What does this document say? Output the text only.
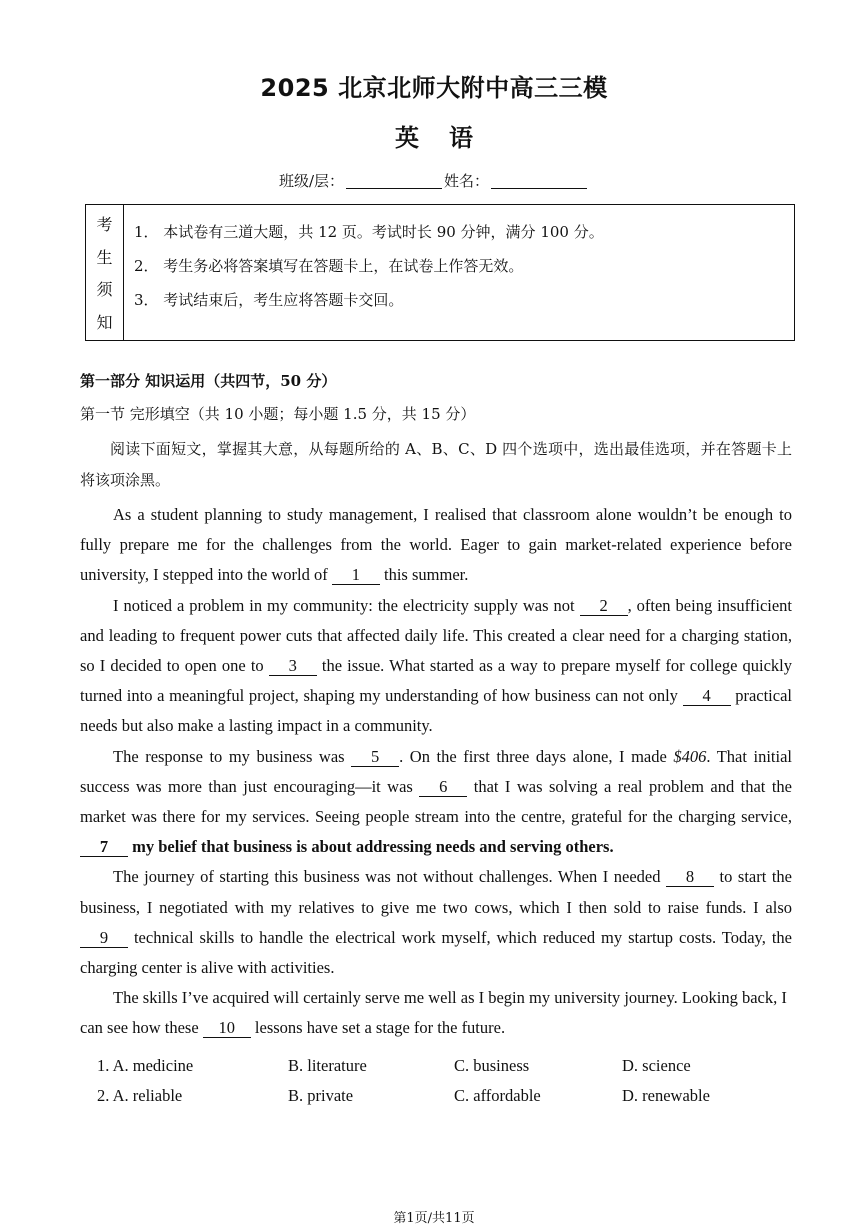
2025 北京北师大附中高三三模
英语
班级/层：	姓名：
考
生
须
知
1． 本试卷有三道大题，共 12 页。考试时长 90 分钟，满分 100 分。
2． 考生务必将答案填写在答题卡上，在试卷上作答无效。
3． 考试结束后，考生应将答题卡交回。
第一部分 知识运用（共四节，50 分）
第一节 完形填空（共 10 小题；每小题 1.5 分，共 15 分）
阅读下面短文，掌握其大意，从每题所给的 A、B、C、D 四个选项中，选出最佳选项，并在答题卡上将该项涂黑。

As a student planning to study management, I realised that classroom alone wouldn’t be enough to fully prepare me for the challenges from the world. Eager to gain market-related experience before university, I stepped into the world of 1 this summer.

I noticed a problem in my community: the electricity supply was not 2 , often being insufficient and leading to frequent power cuts that affected daily life. This created a clear need for a charging station, so I decided to open one to 3 the issue. What started as a way to prepare myself for college quickly turned into a meaningful project, shaping my understanding of how business can not only 4 practical needs but also make a lasting impact in a community.

The response to my business was 5 . On the first three days alone, I made $406. That initial success was more than just encouraging—it was 6 that I was solving a real problem and that the market was there for my services. Seeing people stream into the centre, grateful for the charging service, 7 my belief that business is about addressing needs and serving others.

The journey of starting this business was not without challenges. When I needed 8 to start the business, I negotiated with my relatives to give me two cows, which I then sold to raise funds. I also 9 technical skills to handle the electrical work myself, which reduced my startup costs. Today, the charging center is alive with activities.

The skills I’ve acquired will certainly serve me well as I begin my university journey. Looking back, I can see how these 10 lessons have set a stage for the future.

1. A. medicine	B. literature	C. business	D. science
2. A. reliable	B. private	C. affordable	D. renewable
第1页/共11页
